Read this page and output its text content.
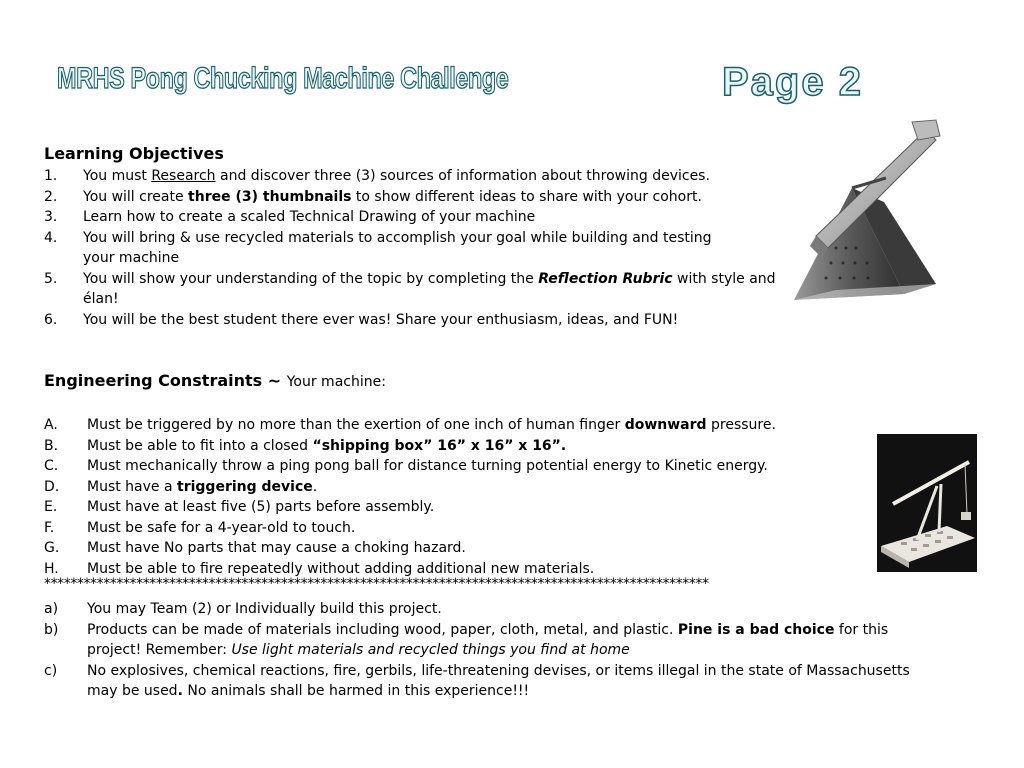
MRHS Pong Chucking Machine Challenge	Page 2
Learning Objectives
1.	You must Research and discover three (3) sources of information about throwing devices.
2.	You will create three (3) thumbnails to show different ideas to share with your cohort.
3.	Learn how to create a scaled Technical Drawing of your machine
4.	You will bring & use recycled materials to accomplish your goal while building and testing your machine
5.	You will show your understanding of the topic by completing the Reflection Rubric with style and élan!
6.	You will be the best student there ever was! Share your enthusiasm, ideas, and FUN!
Engineering Constraints ~ Your machine:
A.	Must be triggered by no more than the exertion of one inch of human finger downward pressure.
B.	Must be able to fit into a closed “shipping box” 16” x 16” x 16”.
C.	Must mechanically throw a ping pong ball for distance turning potential energy to Kinetic energy.
D.	Must have a triggering device.
E.	Must have at least five (5) parts before assembly.
F.	Must be safe for a 4-year-old to touch.
G.	Must have No parts that may cause a choking hazard.
H.	Must be able to fire repeatedly without adding additional new materials.
*****************************************************************************************************
a)	You may Team (2) or Individually build this project.
b)	Products can be made of materials including wood, paper, cloth, metal, and plastic. Pine is a bad choice for this project! Remember: Use light materials and recycled things you find at home
c)	No explosives, chemical reactions, fire, gerbils, life-threatening devises, or items illegal in the state of Massachusetts may be used. No animals shall be harmed in this experience!!!
